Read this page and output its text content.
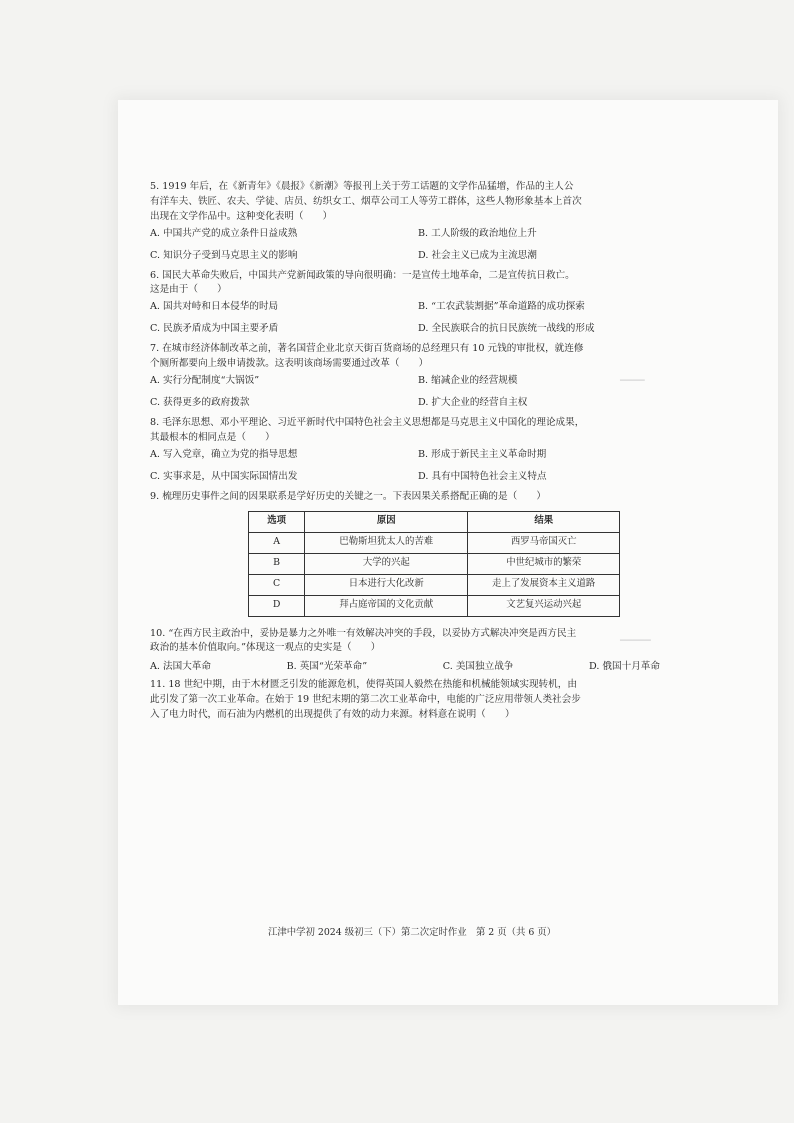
▔▔▔▔
▔▔▔▔▔
5. 1919 年后，在《新青年》《晨报》《新潮》等报刊上关于劳工话题的文学作品猛增，作品的主人公
有洋车夫、铁匠、农夫、学徒、店员、纺织女工、烟草公司工人等劳工群体，这些人物形象基本上首次
出现在文学作品中。这种变化表明（　　）
A. 中国共产党的成立条件日益成熟	B. 工人阶级的政治地位上升
C. 知识分子受到马克思主义的影响	D. 社会主义已成为主流思潮
6. 国民大革命失败后，中国共产党新闻政策的导向很明确：一是宣传土地革命，二是宣传抗日救亡。
这是由于（　　）
A. 国共对峙和日本侵华的时局	B. “工农武装割据”革命道路的成功探索
C. 民族矛盾成为中国主要矛盾	D. 全民族联合的抗日民族统一战线的形成
7. 在城市经济体制改革之前，著名国营企业北京天街百货商场的总经理只有 10 元钱的审批权，就连修
个厕所都要向上级申请拨款。这表明该商场需要通过改革（　　）
A. 实行分配制度“大锅饭”	B. 缩减企业的经营规模
C. 获得更多的政府拨款	D. 扩大企业的经营自主权
8. 毛泽东思想、邓小平理论、习近平新时代中国特色社会主义思想都是马克思主义中国化的理论成果，
其最根本的相同点是（　　）
A. 写入党章，确立为党的指导思想	B. 形成于新民主主义革命时期
C. 实事求是，从中国实际国情出发	D. 具有中国特色社会主义特点
9. 梳理历史事件之间的因果联系是学好历史的关键之一。下表因果关系搭配正确的是（　　）
选项	原因	结果
A	巴勒斯坦犹太人的苦难	西罗马帝国灭亡
B	大学的兴起	中世纪城市的繁荣
C	日本进行大化改新	走上了发展资本主义道路
D	拜占庭帝国的文化贡献	文艺复兴运动兴起
10. “在西方民主政治中，妥协是暴力之外唯一有效解决冲突的手段，以妥协方式解决冲突是西方民主
政治的基本价值取向。”体现这一观点的史实是（　　）
A. 法国大革命	B. 英国“光荣革命”	C. 美国独立战争	D. 俄国十月革命
11. 18 世纪中期，由于木材匮乏引发的能源危机，使得英国人毅然在热能和机械能领域实现转机，由
此引发了第一次工业革命。在始于 19 世纪末期的第二次工业革命中，电能的广泛应用带领人类社会步
入了电力时代，而石油为内燃机的出现提供了有效的动力来源。材料意在说明（　　）
江津中学初 2024 级初三（下）第二次定时作业　第 2 页（共 6 页）
